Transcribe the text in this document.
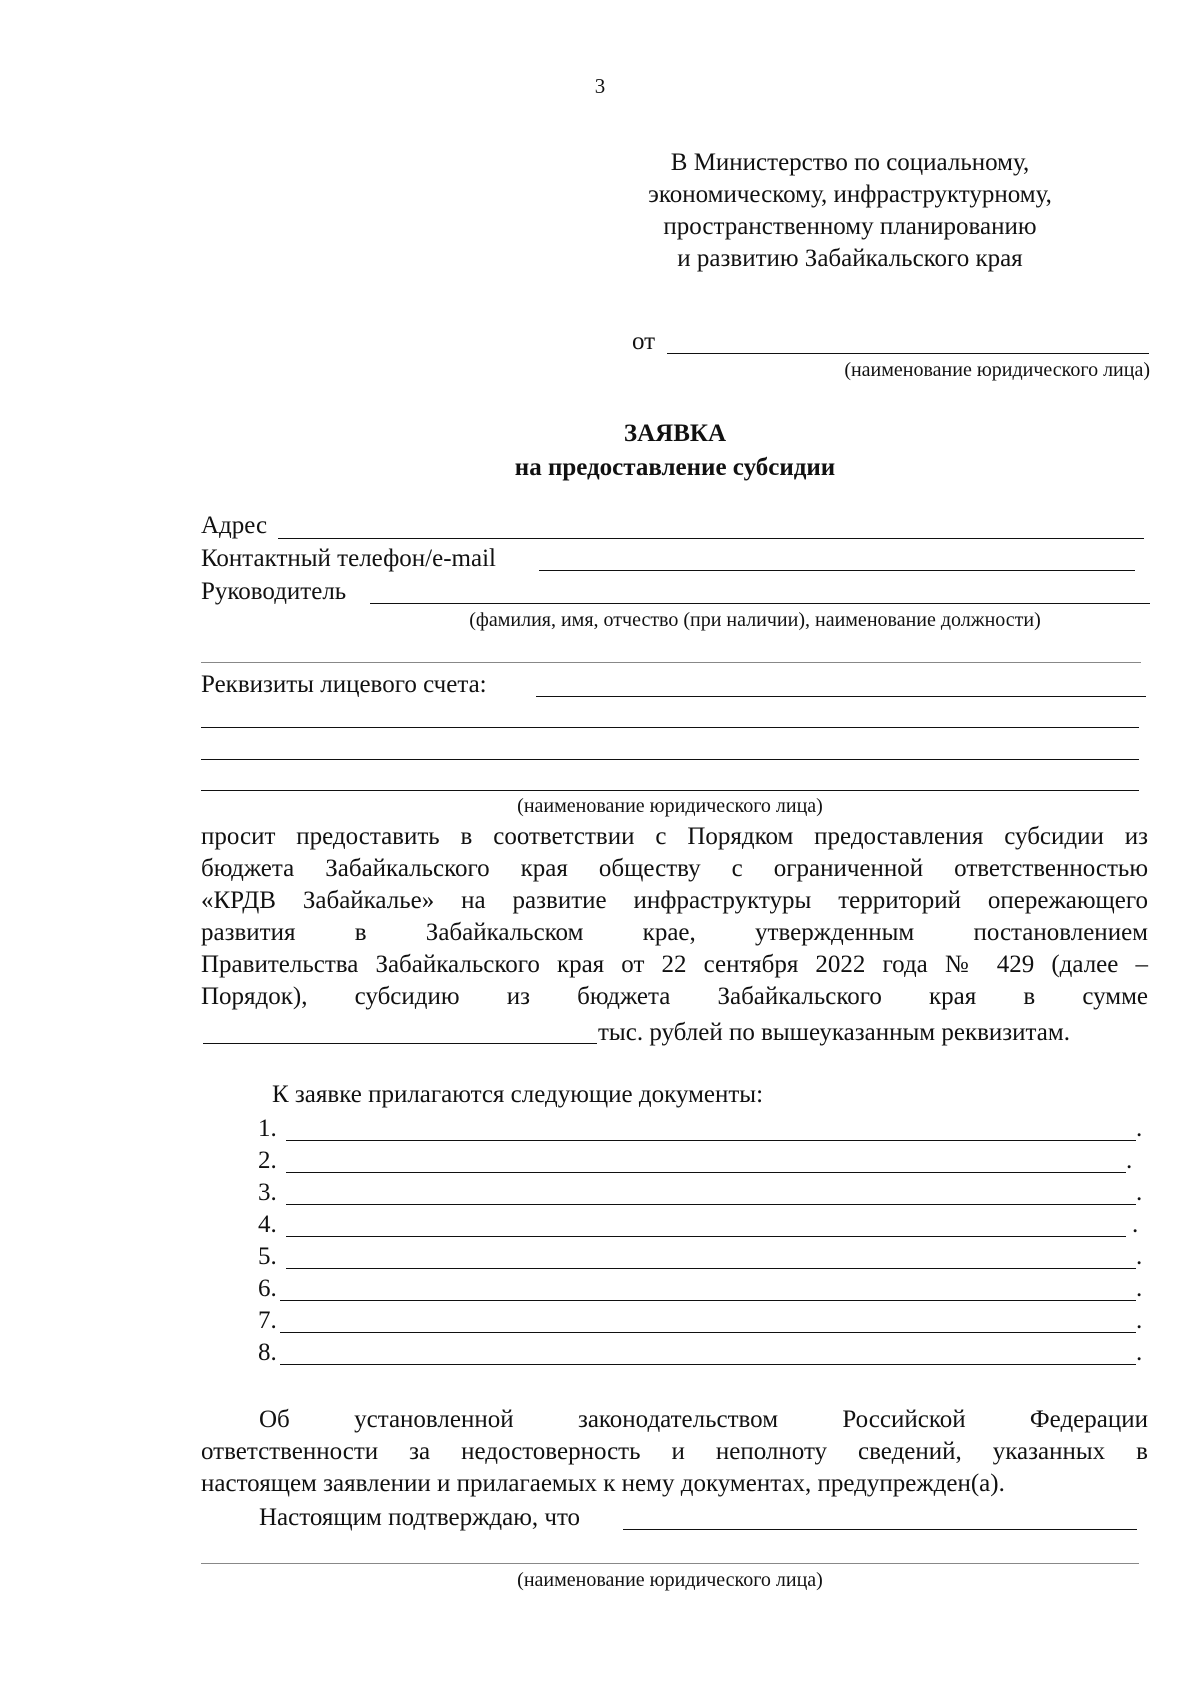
3
В Министерство по социальному,
экономическому, инфраструктурному,
пространственному планированию
и развитию Забайкальского края
от
(наименование юридического лица)
ЗАЯВКА
на предоставление субсидии
Адрес
Контактный телефон/e-mail
Руководитель
(фамилия, имя, отчество (при наличии), наименование должности)
Реквизиты лицевого счета:
(наименование юридического лица)
просит предоставить в соответствии с Порядком предоставления субсидии из
бюджета Забайкальского края обществу с ограниченной ответственностью
«КРДВ Забайкалье» на развитие инфраструктуры территорий опережающего
развития в Забайкальском крае, утвержденным постановлением
Правительства Забайкальского края от 22 сентября 2022 года № 429 (далее –
Порядок), субсидию из бюджета Забайкальского края в сумме
тыс. рублей по вышеуказанным реквизитам.
К заявке прилагаются следующие документы:
1.	.
2.	.
3.	.
4.	.
5.	.
6.	.
7.	.
8.	.
Об установленной законодательством Российской Федерации
ответственности за недостоверность и неполноту сведений, указанных в
настоящем заявлении и прилагаемых к нему документах, предупрежден(а).
Настоящим подтверждаю, что
(наименование юридического лица)
